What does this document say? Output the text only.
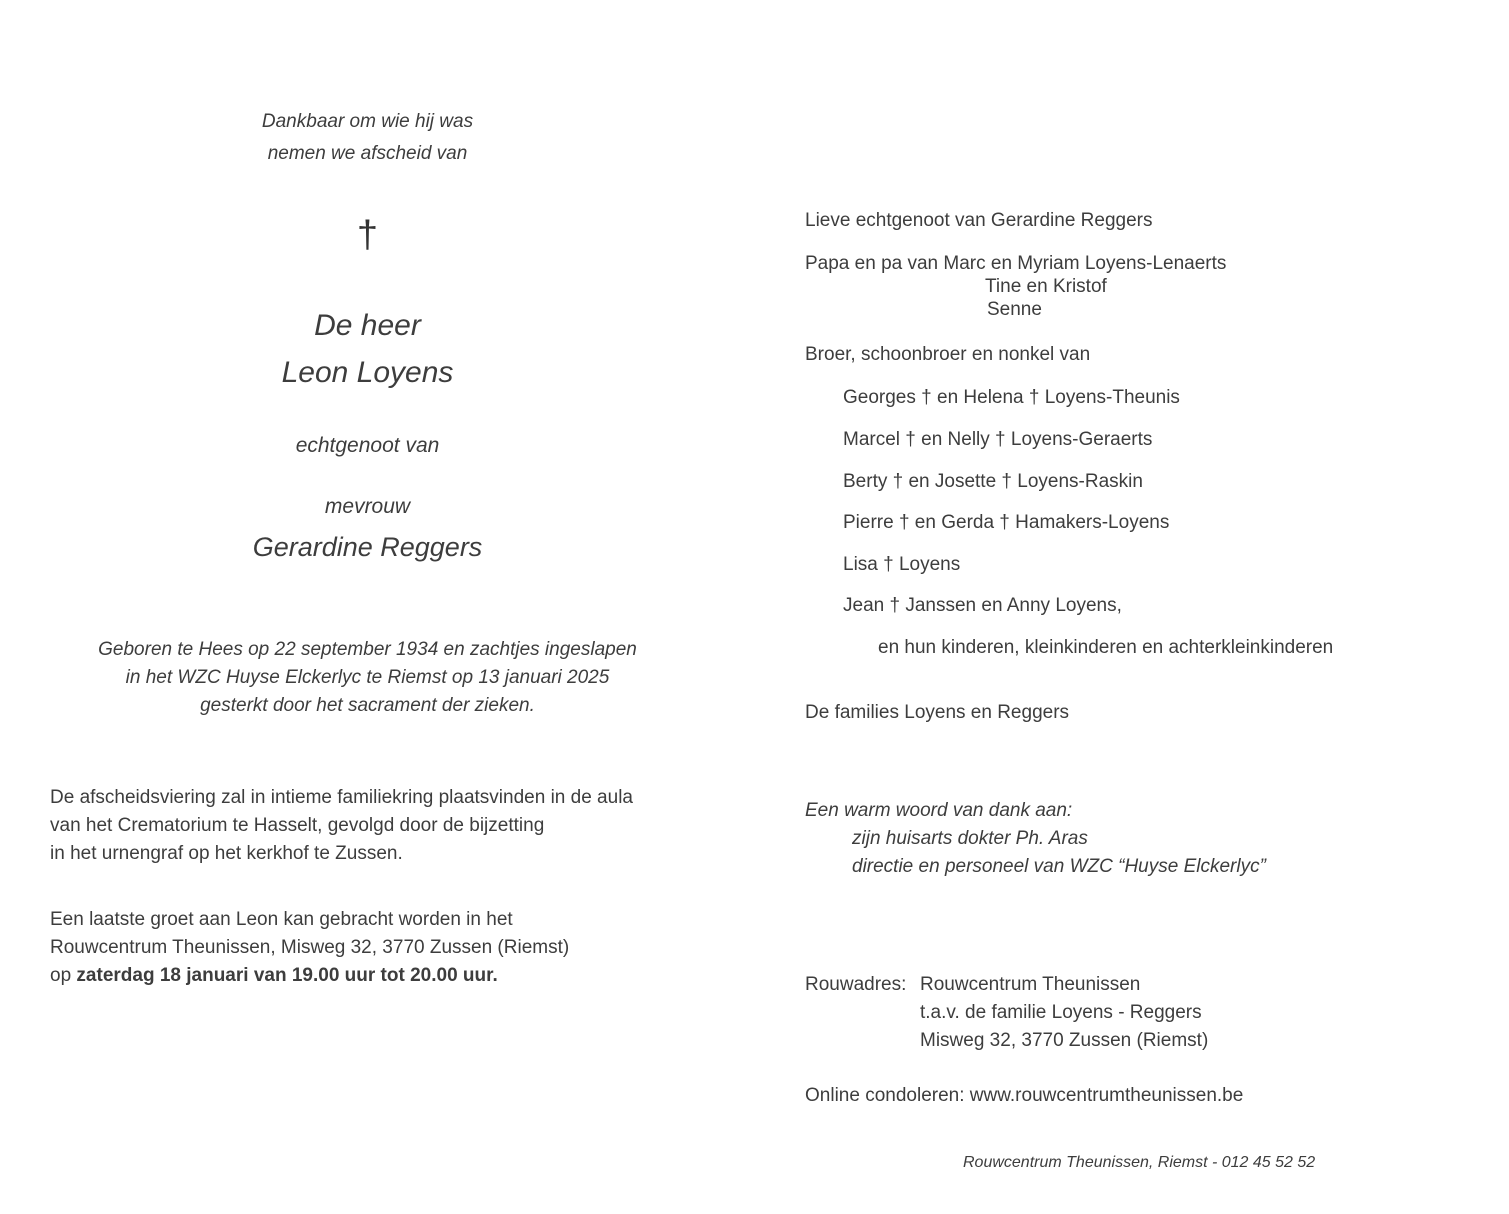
Dankbaar om wie hij was
nemen we afscheid van
†
De heer
Leon Loyens
echtgenoot van
mevrouw
Gerardine Reggers
Geboren te Hees op 22 september 1934 en zachtjes ingeslapen
in het WZC Huyse Elckerlyc te Riemst op 13 januari 2025
gesterkt door het sacrament der zieken.
De afscheidsviering zal in intieme familiekring plaatsvinden in de aula
van het Crematorium te Hasselt, gevolgd door de bijzetting
in het urnengraf op het kerkhof te Zussen.
Een laatste groet aan Leon kan gebracht worden in het
Rouwcentrum Theunissen, Misweg 32, 3770 Zussen (Riemst)
op zaterdag 18 januari van 19.00 uur tot 20.00 uur.
Lieve echtgenoot van Gerardine Reggers
Papa en pa van Marc en Myriam Loyens-Lenaerts
Tine en Kristof
Senne
Broer, schoonbroer en nonkel van
Georges † en Helena † Loyens-Theunis
Marcel † en Nelly † Loyens-Geraerts
Berty † en Josette † Loyens-Raskin
Pierre † en Gerda † Hamakers-Loyens
Lisa † Loyens
Jean † Janssen en Anny Loyens,
en hun kinderen, kleinkinderen en achterkleinkinderen
De families Loyens en Reggers
Een warm woord van dank aan:
zijn huisarts dokter Ph. Aras
directie en personeel van WZC “Huyse Elckerlyc”
Rouwadres: Rouwcentrum Theunissen
t.a.v. de familie Loyens - Reggers
Misweg 32, 3770 Zussen (Riemst)
Online condoleren: www.rouwcentrumtheunissen.be
Rouwcentrum Theunissen, Riemst - 012 45 52 52
